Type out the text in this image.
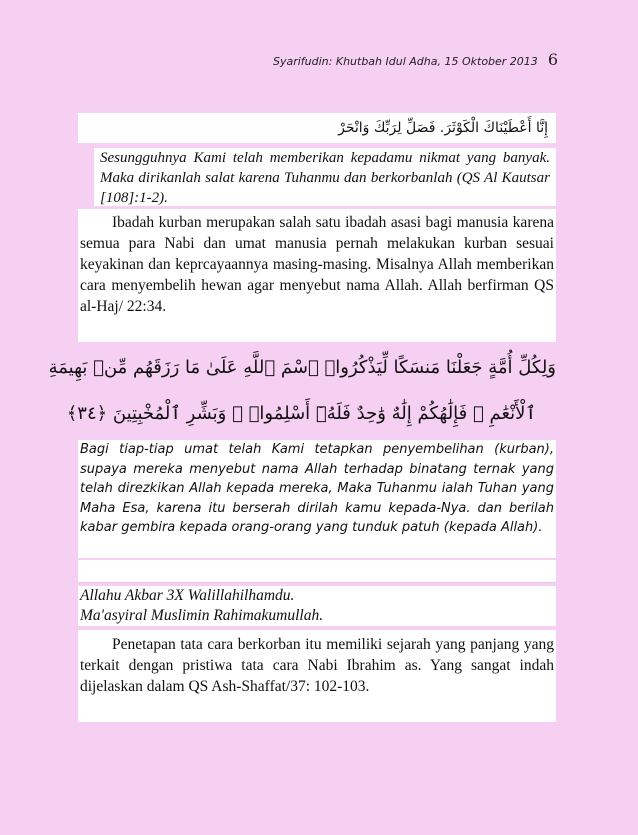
Syarifudin: Khutbah Idul Adha, 15 Oktober 2013 6
إِنَّا أَعْطَيْنَاكَ الْكَوْثَرَ. فَصَلِّ لِرَبِّكَ وَانْحَرْ

Sesungguhnya Kami telah memberikan kepadamu nikmat yang banyak. Maka dirikanlah salat karena Tuhanmu dan berkorbanlah (QS Al Kautsar [108]:1-2).

Ibadah kurban merupakan salah satu ibadah asasi bagi manusia karena semua para Nabi dan umat manusia pernah melakukan kurban sesuai keyakinan dan keprcayaannya masing-masing. Misalnya Allah memberikan cara menyembelih hewan agar menyebut nama Allah. Allah berfirman QS al-Haj/ 22:34.

وَلِكُلِّ أُمَّةٍ جَعَلْنَا مَنسَكًا لِّيَذْكُرُوا۟ ٱسْمَ ٱللَّهِ عَلَىٰ مَا رَزَقَهُم مِّنۢ بَهِيمَةِ
ٱلْأَنْعَٰمِ ۗ فَإِلَٰهُكُمْ إِلَٰهٌ وَٰحِدٌ فَلَهُۥٓ أَسْلِمُوا۟ ۗ وَبَشِّرِ ٱلْمُخْبِتِينَ ﴿٣٤﴾

Bagi tiap-tiap umat telah Kami tetapkan penyembelihan (kurban), supaya mereka menyebut nama Allah terhadap binatang ternak yang telah direzkikan Allah kepada mereka, Maka Tuhanmu ialah Tuhan yang Maha Esa, karena itu berserah dirilah kamu kepada-Nya. dan berilah kabar gembira kepada orang-orang yang tunduk patuh (kepada Allah).

Allahu Akbar 3X Walillahilhamdu.

Ma'asyiral Muslimin Rahimakumullah.

Penetapan tata cara berkorban itu memiliki sejarah yang panjang yang terkait dengan pristiwa tata cara Nabi Ibrahim as. Yang sangat indah dijelaskan dalam QS Ash-Shaffat/37: 102-103.
